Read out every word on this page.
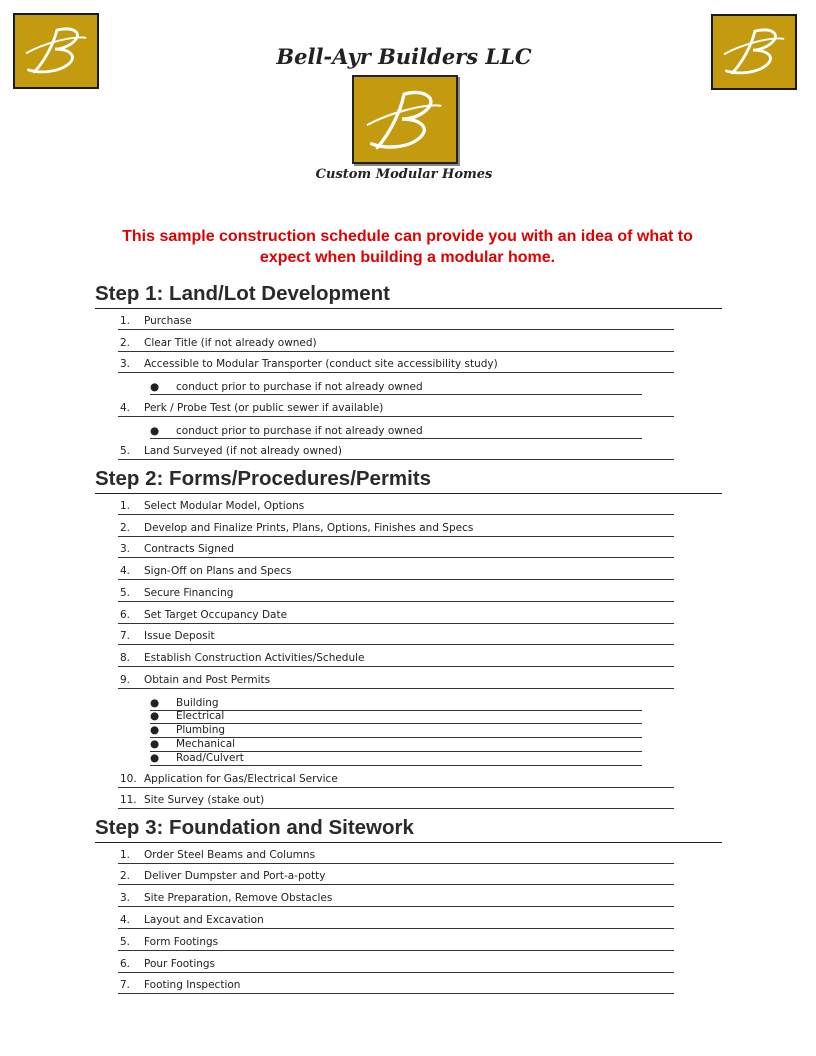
Bell-Ayr Builders LLC
Custom Modular Homes
This sample construction schedule can provide you with an idea of what to
expect when building a modular home.
Step 1: Land/Lot Development
1. Purchase
2. Clear Title (if not already owned)
3. Accessible to Modular Transporter (conduct site accessibility study)
● conduct prior to purchase if not already owned
4. Perk / Probe Test (or public sewer if available)
● conduct prior to purchase if not already owned
5. Land Surveyed (if not already owned)
Step 2: Forms/Procedures/Permits
1. Select Modular Model, Options
2. Develop and Finalize Prints, Plans, Options, Finishes and Specs
3. Contracts Signed
4. Sign-Off on Plans and Specs
5. Secure Financing
6. Set Target Occupancy Date
7. Issue Deposit
8. Establish Construction Activities/Schedule
9. Obtain and Post Permits
● Building
● Electrical
● Plumbing
● Mechanical
● Road/Culvert
10. Application for Gas/Electrical Service
11. Site Survey (stake out)
Step 3: Foundation and Sitework
1. Order Steel Beams and Columns
2. Deliver Dumpster and Port-a-potty
3. Site Preparation, Remove Obstacles
4. Layout and Excavation
5. Form Footings
6. Pour Footings
7. Footing Inspection
